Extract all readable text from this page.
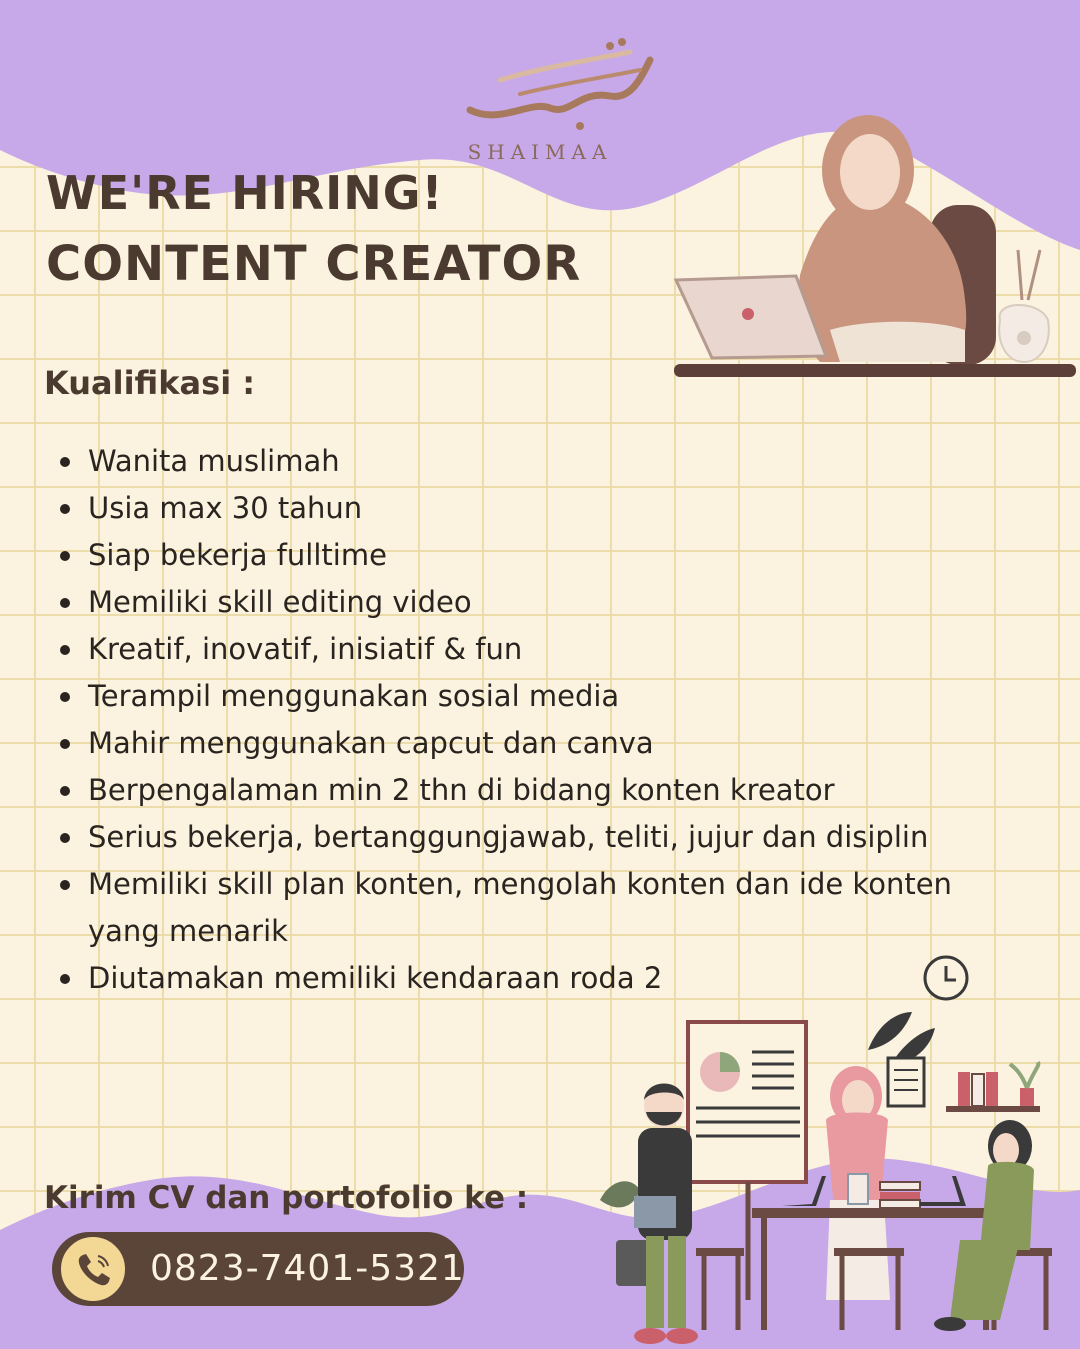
SHAIMAA
WE'RE HIRING!
CONTENT CREATOR
Kualifikasi :
Wanita muslimah
Usia max 30 tahun
Siap bekerja fulltime
Memiliki skill editing video
Kreatif, inovatif, inisiatif & fun
Terampil menggunakan sosial media
Mahir menggunakan capcut dan canva
Berpengalaman min 2 thn di bidang konten kreator
Serius bekerja, bertanggungjawab, teliti, jujur dan disiplin
Memiliki skill plan konten, mengolah konten dan ide konten yang menarik
Diutamakan memiliki kendaraan roda 2
Kirim CV dan portofolio ke :
0823-7401-5321
